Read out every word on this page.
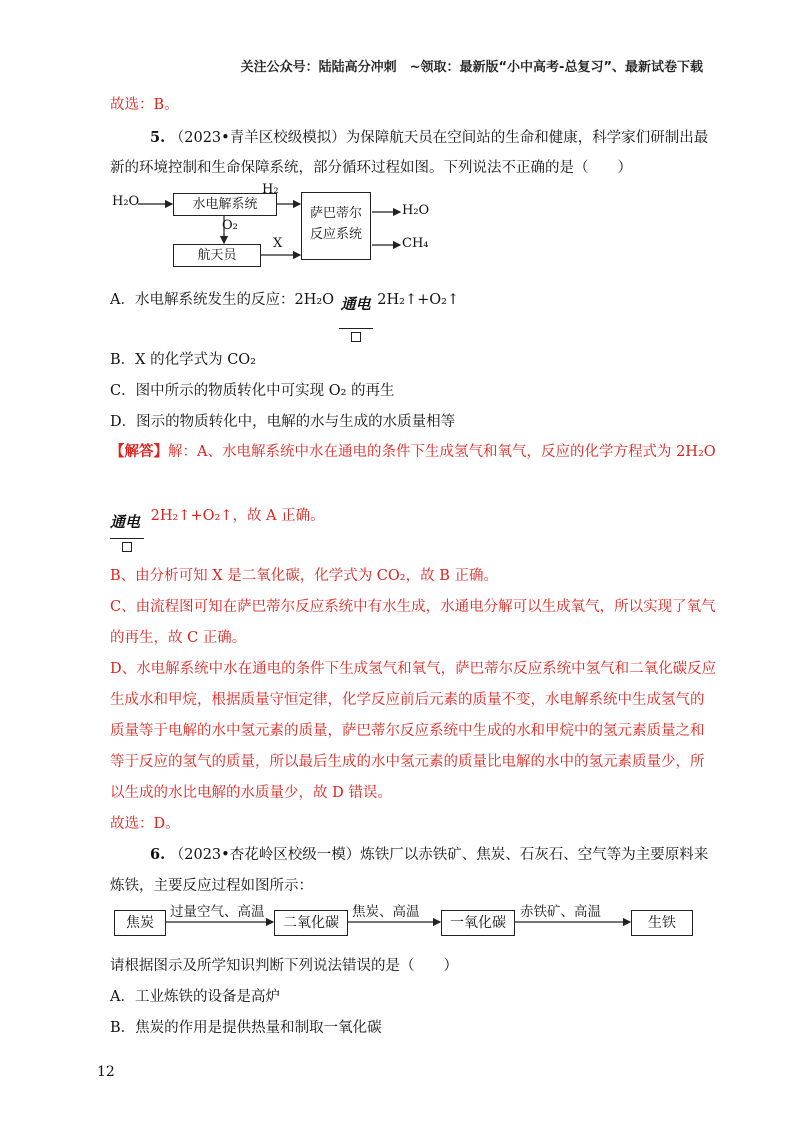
关注公众号：陆陆高分冲刺　~领取：最新版“小中高考-总复习”、最新试卷下载
故选：B。
5. （2023•青羊区校级模拟）为保障航天员在空间站的生命和健康，科学家们研制出最
新的环境控制和生命保障系统，部分循环过程如图。下列说法不正确的是（　　）
H₂O	水电解系统
H₂
O₂
航天员
X
萨巴蒂尔
反应系统
H₂O
CH₄
A．水电解系统发生的反应：2H₂O 通电 2H₂↑+O₂↑
B．X 的化学式为 CO₂
C．图中所示的物质转化中可实现 O₂ 的再生
D．图示的物质转化中，电解的水与生成的水质量相等
【解答】解：A、水电解系统中水在通电的条件下生成氢气和氧气，反应的化学方程式为 2H₂O
通电 2H₂↑+O₂↑，故 A 正确。
B、由分析可知 X 是二氧化碳，化学式为 CO₂，故 B 正确。
C、由流程图可知在萨巴蒂尔反应系统中有水生成，水通电分解可以生成氧气，所以实现了氧气
的再生，故 C 正确。
D、水电解系统中水在通电的条件下生成氢气和氧气，萨巴蒂尔反应系统中氢气和二氧化碳反应
生成水和甲烷，根据质量守恒定律，化学反应前后元素的质量不变，水电解系统中生成氢气的
质量等于电解的水中氢元素的质量，萨巴蒂尔反应系统中生成的水和甲烷中的氢元素质量之和
等于反应的氢气的质量，所以最后生成的水中氢元素的质量比电解的水中的氢元素质量少，所
以生成的水比电解的水质量少，故 D 错误。
故选：D。
6. （2023•杏花岭区校级一模）炼铁厂以赤铁矿、焦炭、石灰石、空气等为主要原料来
炼铁，主要反应过程如图所示：
焦炭
过量空气、高温
二氧化碳
焦炭、高温
一氧化碳
赤铁矿、高温
生铁
请根据图示及所学知识判断下列说法错误的是（　　）
A．工业炼铁的设备是高炉
B．焦炭的作用是提供热量和制取一氧化碳
12
